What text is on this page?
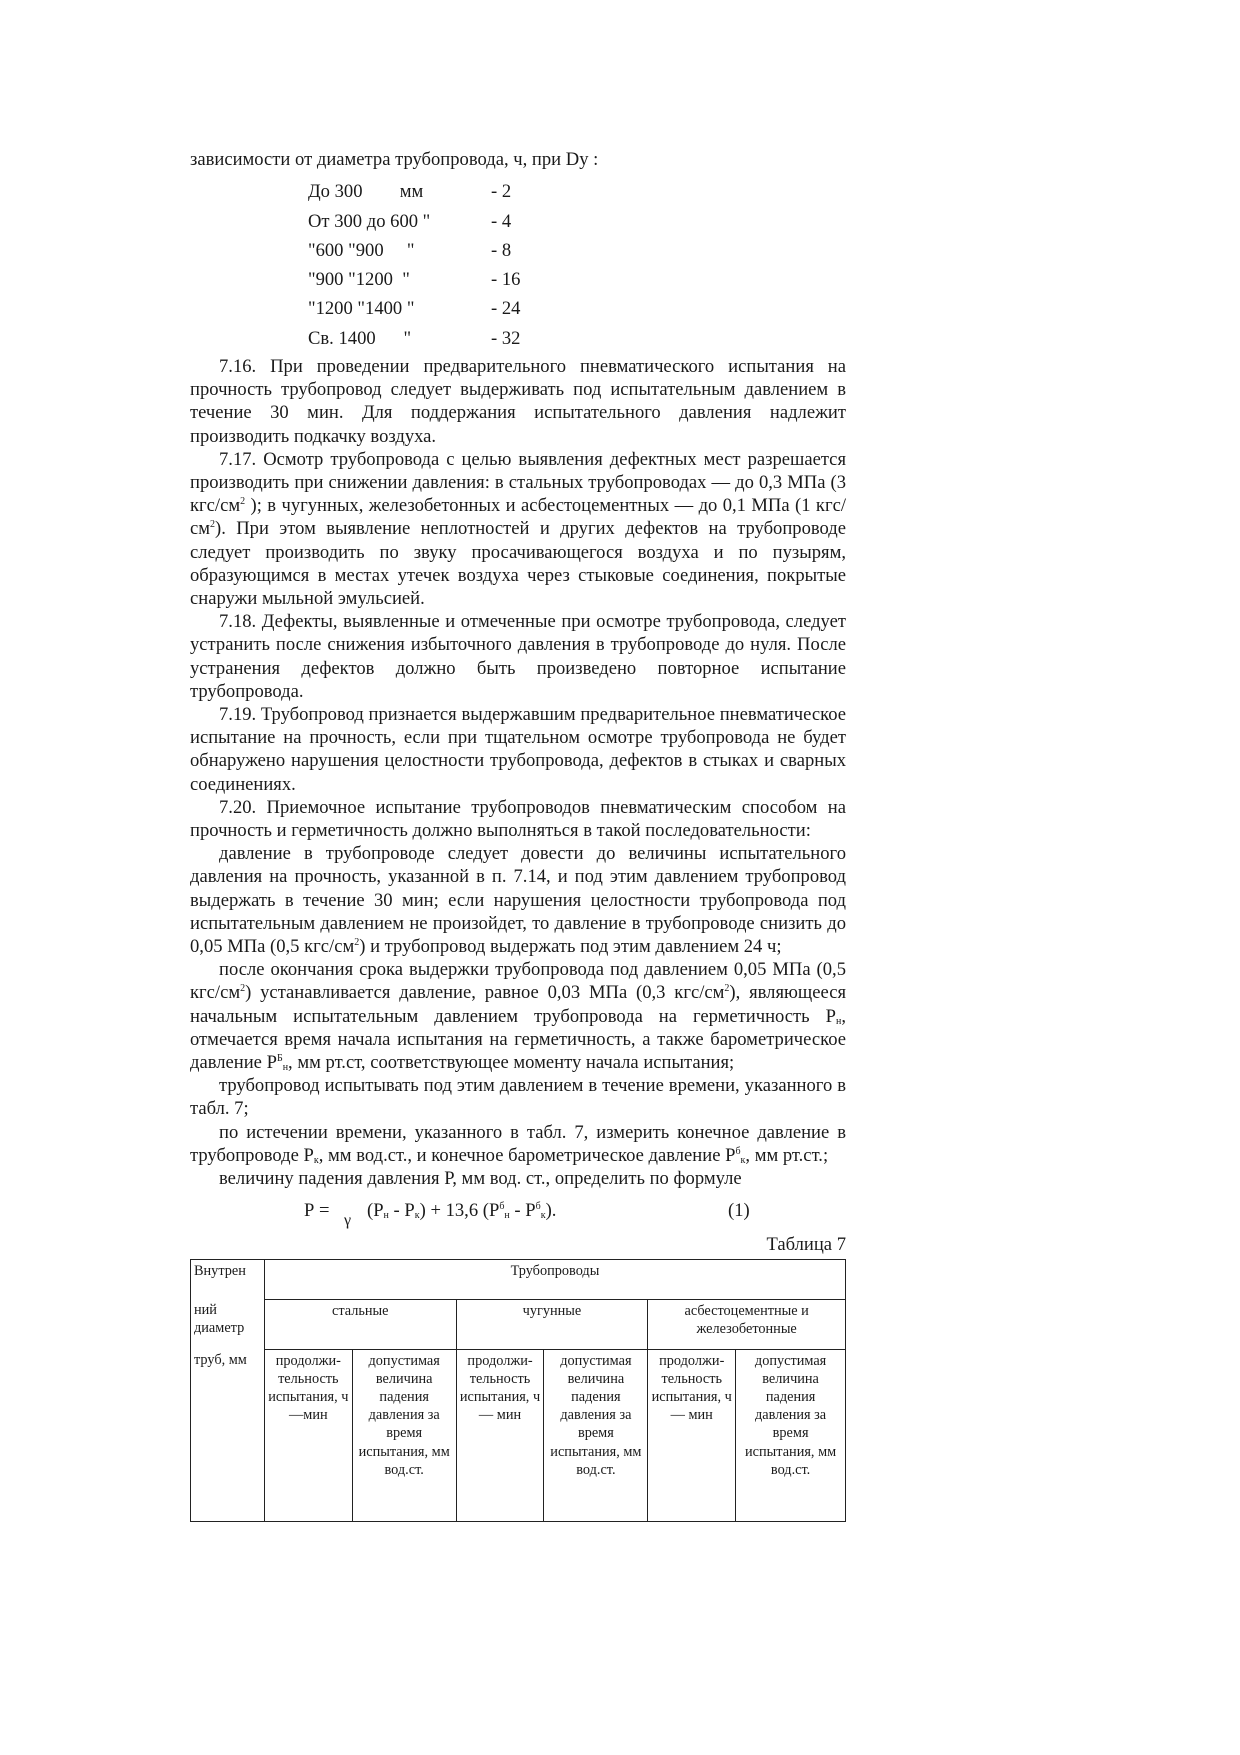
зависимости от диаметра трубопровода, ч, при Dy :

До 300        мм	- 2
От 300 до 600 "	- 4
"600 "900     "	- 8
"900 "1200  "	- 16
"1200 "1400 "	- 24
Св. 1400      "	- 32

7.16. При проведении предварительного пневматического испытания на прочность трубопровод следует выдерживать под испытательным давлением в течение 30 мин. Для поддержания испытательного давления надлежит производить подкачку воздуха.

7.17. Осмотр трубопровода с целью выявления дефектных мест разрешается производить при снижении давления: в стальных трубопроводах — до 0,3 МПа (3 кгс/$см^2$ ); в чугунных, железобетонных и асбестоцементных — до 0,1 МПа (1 кгс/$см^2$). При этом выявление неплотностей и других дефектов на трубопроводе следует производить по звуку просачивающегося воздуха и по пузырям, образующимся в местах утечек воздуха через стыковые соединения, покрытые снаружи мыльной эмульсией.

7.18. Дефекты, выявленные и отмеченные при осмотре трубопровода, следует устранить после снижения избыточного давления в трубопроводе до нуля. После устранения дефектов должно быть произведено повторное испытание трубопровода.

7.19. Трубопровод признается выдержавшим предварительное пневматическое испытание на прочность, если при тщательном осмотре трубопровода не будет обнаружено нарушения целостности трубопровода, дефектов в стыках и сварных соединениях.

7.20. Приемочное испытание трубопроводов пневматическим способом на прочность и герметичность должно выполняться в такой последовательности:

давление в трубопроводе следует довести до величины испытательного давления на прочность, указанной в п. 7.14, и под этим давлением трубопровод выдержать в течение 30 мин; если нарушения целостности трубопровода под испытательным давлением не произойдет, то давление в трубопроводе снизить до 0,05 МПа (0,5 кгс/$см^2$) и трубопровод выдержать под этим давлением 24 ч;

после окончания срока выдержки трубопровода под давлением 0,05 МПа (0,5 кгс/$см^2$) устанавливается давление, равное 0,03 МПа (0,3 кгс/$см^2$), являющееся начальным испытательным давлением трубопровода на герметичность $Р_н$, отмечается время начала испытания на герметичность, а также барометрическое давление $Р^Б_н$, мм рт.ст, соответствующее моменту начала испытания;

трубопровод испытывать под этим давлением в течение времени, указанного в табл. 7;

по истечении времени, указанного в табл. 7, измерить конечное давление в трубопроводе $Р_к$, мм вод.ст., и конечное барометрическое давление $Р^б_к$, мм рт.ст.;

величину падения давления Р, мм вод. ст., определить по формуле

Р = γ $(Р_н - Р_к) + 13,6$ $(Р^б_н - Р^б_к)$.	(1)
Таблица 7
Внутрен	Трубопроводы					
ний диаметр	стальные		чугунные		асбестоцементные и железобетонные	
труб, мм	продолжительность испытания, ч —мин	допустимая величина падения давления за время испытания, мм вод.ст.	продолжительность испытания, ч — мин	допустимая величина падения давления за время испытания, мм вод.ст.	продолжительность испытания, ч — мин	допустимая величина падения давления за время испытания, мм вод.ст.
